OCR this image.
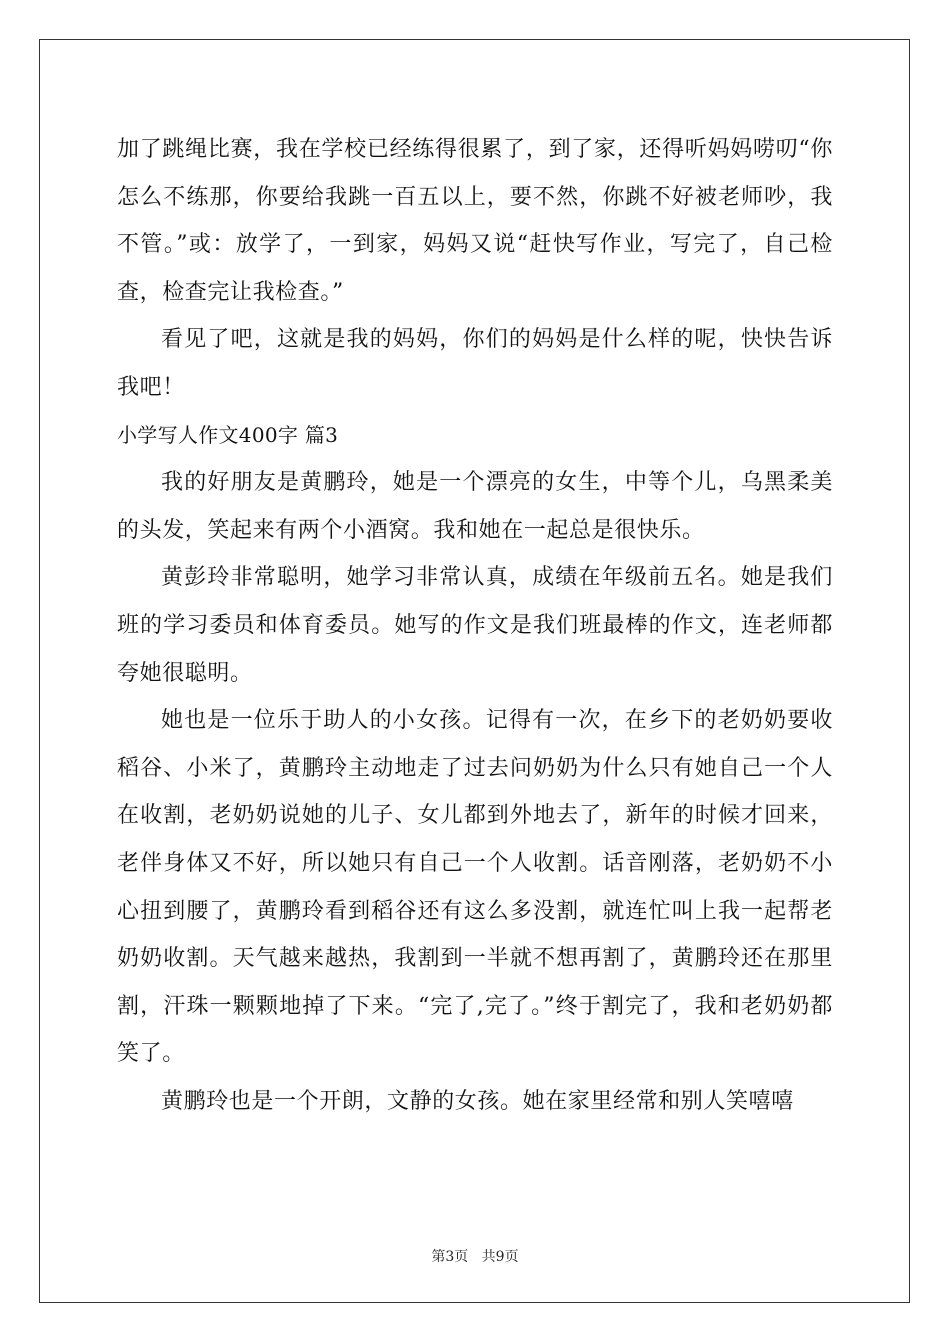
加了跳绳比赛，我在学校已经练得很累了，到了家，还得听妈妈唠叨“你怎么不练那，你要给我跳一百五以上，要不然，你跳不好被老师吵，我不管。”或：放学了，一到家，妈妈又说“赶快写作业，写完了，自己检查，检查完让我检查。”

看见了吧，这就是我的妈妈，你们的妈妈是什么样的呢，快快告诉我吧！

小学写人作文400字 篇3

我的好朋友是黄鹏玲，她是一个漂亮的女生，中等个儿，乌黑柔美的头发，笑起来有两个小酒窝。我和她在一起总是很快乐。

黄彭玲非常聪明，她学习非常认真，成绩在年级前五名。她是我们班的学习委员和体育委员。她写的作文是我们班最棒的作文，连老师都夸她很聪明。

她也是一位乐于助人的小女孩。记得有一次，在乡下的老奶奶要收稻谷、小米了，黄鹏玲主动地走了过去问奶奶为什么只有她自己一个人在收割，老奶奶说她的儿子、女儿都到外地去了，新年的时候才回来，老伴身体又不好，所以她只有自己一个人收割。话音刚落，老奶奶不小心扭到腰了，黄鹏玲看到稻谷还有这么多没割，就连忙叫上我一起帮老奶奶收割。天气越来越热，我割到一半就不想再割了，黄鹏玲还在那里割，汗珠一颗颗地掉了下来。“完了,完了。”终于割完了，我和老奶奶都笑了。

黄鹏玲也是一个开朗，文静的女孩。她在家里经常和别人笑嘻嘻

第3页 共9页
